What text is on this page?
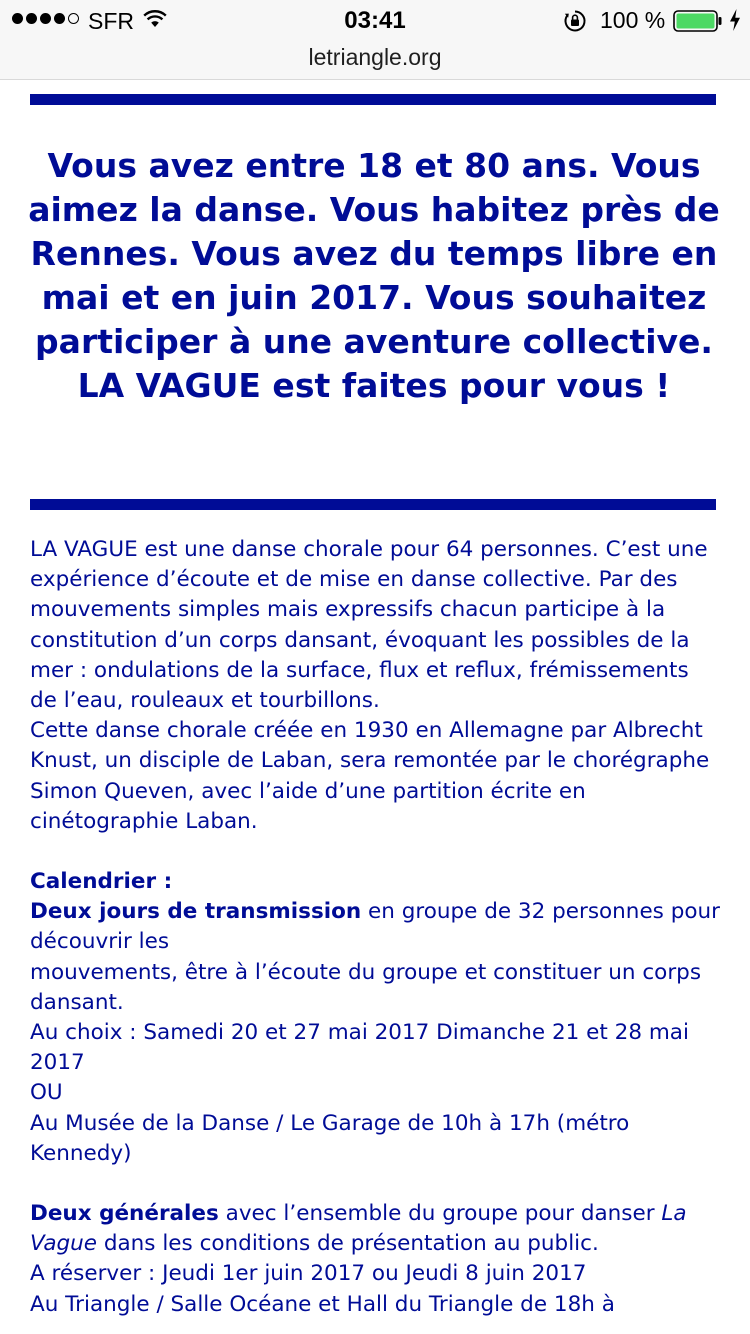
SFR	03:41	100 %
letriangle.org
Vous avez entre 18 et 80 ans. Vous aimez la danse. Vous habitez près de Rennes. Vous avez du temps libre en mai et en juin 2017. Vous souhaitez participer à une aventure collective. LA VAGUE est faites pour vous !

LA VAGUE est une danse chorale pour 64 personnes. C’est une expérience d’écoute et de mise en danse collective. Par des mouvements simples mais expressifs chacun participe à la constitution d’un corps dansant, évoquant les possibles de la mer : ondulations de la surface, flux et reflux, frémissements de l’eau, rouleaux et tourbillons.

Cette danse chorale créée en 1930 en Allemagne par Albrecht Knust, un disciple de Laban, sera remontée par le chorégraphe Simon Queven, avec l’aide d’une partition écrite en cinétographie Laban.

Calendrier :

Deux jours de transmission en groupe de 32 personnes pour découvrir les

mouvements, être à l’écoute du groupe et constituer un corps dansant.

Au choix : Samedi 20 et 27 mai 2017 Dimanche 21 et 28 mai 2017

OU

Au Musée de la Danse / Le Garage de 10h à 17h (métro Kennedy)

Deux générales avec l’ensemble du groupe pour danser La Vague dans les conditions de présentation au public.

A réserver : Jeudi 1er juin 2017 ou Jeudi 8 juin 2017

Au Triangle / Salle Océane et Hall du Triangle de 18h à
